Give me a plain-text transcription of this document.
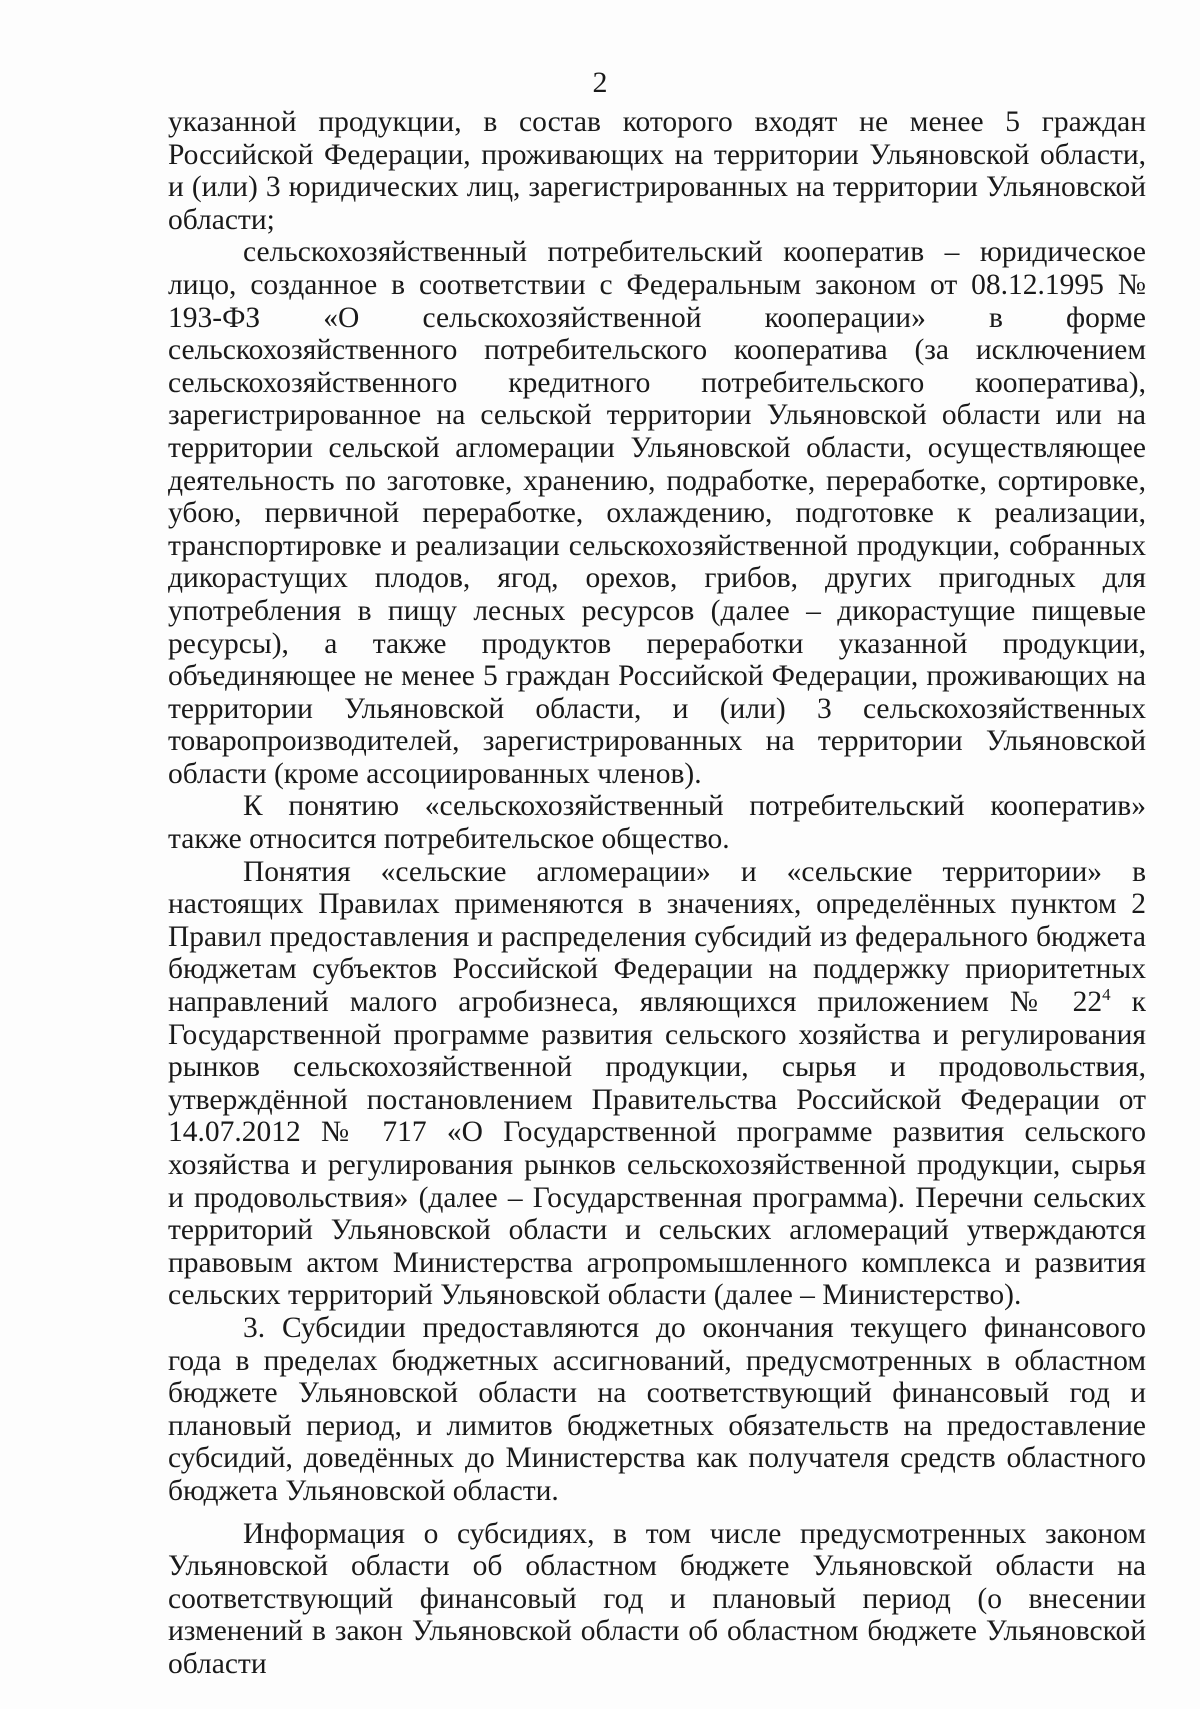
2

указанной продукции, в состав которого входят не менее 5 граждан Российской Федерации, проживающих на территории Ульяновской области, и (или) 3 юридических лиц, зарегистрированных на территории Ульяновской области;

сельскохозяйственный потребительский кооператив – юридическое лицо, созданное в соответствии с Федеральным законом от 08.12.1995 № 193-ФЗ «О сельскохозяйственной кооперации» в форме сельскохозяйственного потребительского кооператива (за исключением сельскохозяйственного кредитного потребительского кооператива), зарегистрированное на сельской территории Ульяновской области или на территории сельской агломерации Ульяновской области, осуществляющее деятельность по заготовке, хранению, подработке, переработке, сортировке, убою, первичной переработке, охлаждению, подготовке к реализации, транспортировке и реализации сельскохозяйственной продукции, собранных дикорастущих плодов, ягод, орехов, грибов, других пригодных для употребления в пищу лесных ресурсов (далее – дикорастущие пищевые ресурсы), а также продуктов переработки указанной продукции, объединяющее не менее 5 граждан Российской Федерации, проживающих на территории Ульяновской области, и (или) 3 сельскохозяйственных товаропроизводителей, зарегистрированных на территории Ульяновской области (кроме ассоциированных членов).

К понятию «сельскохозяйственный потребительский кооператив» также относится потребительское общество.

Понятия «сельские агломерации» и «сельские территории» в настоящих Правилах применяются в значениях, определённых пунктом 2 Правил предоставления и распределения субсидий из федерального бюджета бюджетам субъектов Российской Федерации на поддержку приоритетных направлений малого агробизнеса, являющихся приложением № $22^4$ к Государственной программе развития сельского хозяйства и регулирования рынков сельскохозяйственной продукции, сырья и продовольствия, утверждённой постановлением Правительства Российской Федерации от 14.07.2012 № 717 «О Государственной программе развития сельского хозяйства и регулирования рынков сельскохозяйственной продукции, сырья и продовольствия» (далее – Государственная программа). Перечни сельских территорий Ульяновской области и сельских агломераций утверждаются правовым актом Министерства агропромышленного комплекса и развития сельских территорий Ульяновской области (далее – Министерство).

3. Субсидии предоставляются до окончания текущего финансового года в пределах бюджетных ассигнований, предусмотренных в областном бюджете Ульяновской области на соответствующий финансовый год и плановый период, и лимитов бюджетных обязательств на предоставление субсидий, доведённых до Министерства как получателя средств областного бюджета Ульяновской области.

Информация о субсидиях, в том числе предусмотренных законом Ульяновской области об областном бюджете Ульяновской области на соответствующий финансовый год и плановый период (о внесении изменений в закон Ульяновской области об областном бюджете Ульяновской области
